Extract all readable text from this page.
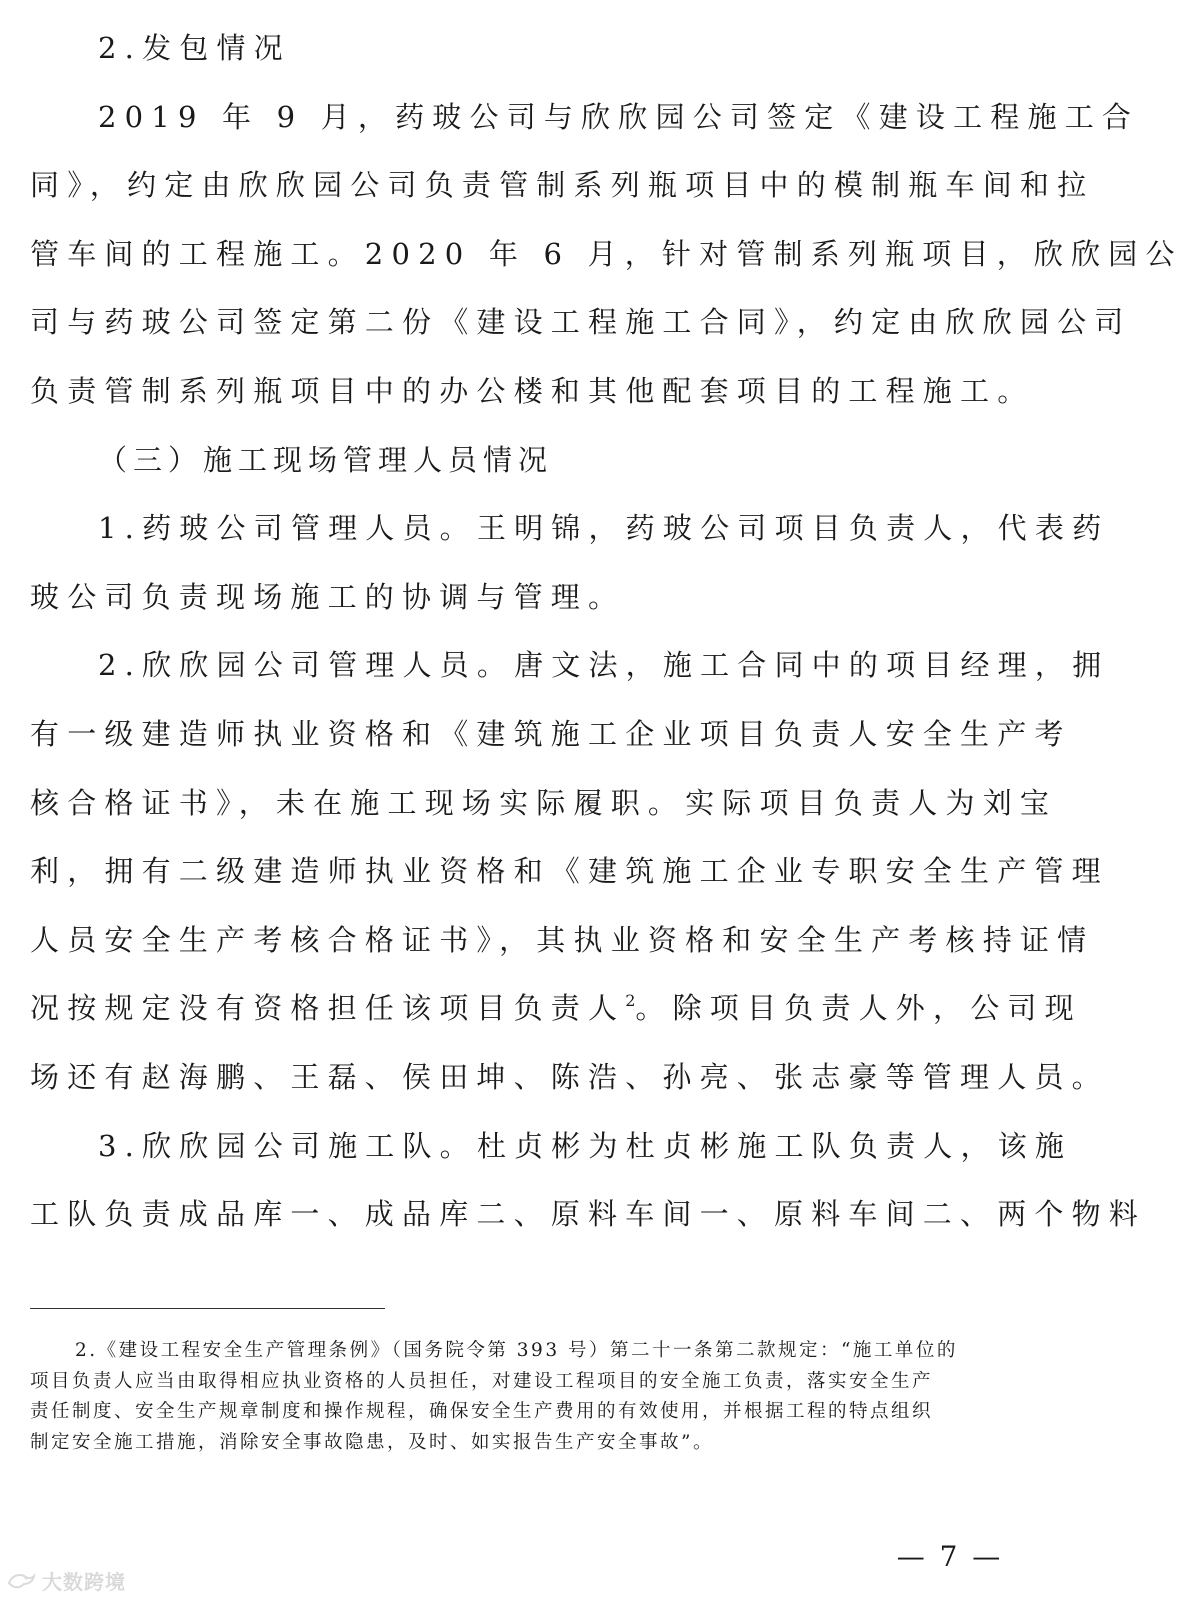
2.发包情况
2019 年 9 月，药玻公司与欣欣园公司签定《建设工程施工合
同》，约定由欣欣园公司负责管制系列瓶项目中的模制瓶车间和拉
管车间的工程施工。2020 年 6 月，针对管制系列瓶项目，欣欣园公
司与药玻公司签定第二份《建设工程施工合同》，约定由欣欣园公司
负责管制系列瓶项目中的办公楼和其他配套项目的工程施工。
（三）施工现场管理人员情况
1.药玻公司管理人员。王明锦，药玻公司项目负责人，代表药
玻公司负责现场施工的协调与管理。
2.欣欣园公司管理人员。唐文法，施工合同中的项目经理，拥
有一级建造师执业资格和《建筑施工企业项目负责人安全生产考
核合格证书》，未在施工现场实际履职。实际项目负责人为刘宝
利，拥有二级建造师执业资格和《建筑施工企业专职安全生产管理
人员安全生产考核合格证书》，其执业资格和安全生产考核持证情
况按规定没有资格担任该项目负责人$^2$。除项目负责人外，公司现
场还有赵海鹏、王磊、侯田坤、陈浩、孙亮、张志豪等管理人员。
3.欣欣园公司施工队。杜贞彬为杜贞彬施工队负责人，该施
工队负责成品库一、成品库二、原料车间一、原料车间二、两个物料
2.《建设工程安全生产管理条例》（国务院令第 393 号）第二十一条第二款规定：“施工单位的
项目负责人应当由取得相应执业资格的人员担任，对建设工程项目的安全施工负责，落实安全生产
责任制度、安全生产规章制度和操作规程，确保安全生产费用的有效使用，并根据工程的特点组织
制定安全施工措施，消除安全事故隐患，及时、如实报告生产安全事故”。
— 7 —
大数跨境
